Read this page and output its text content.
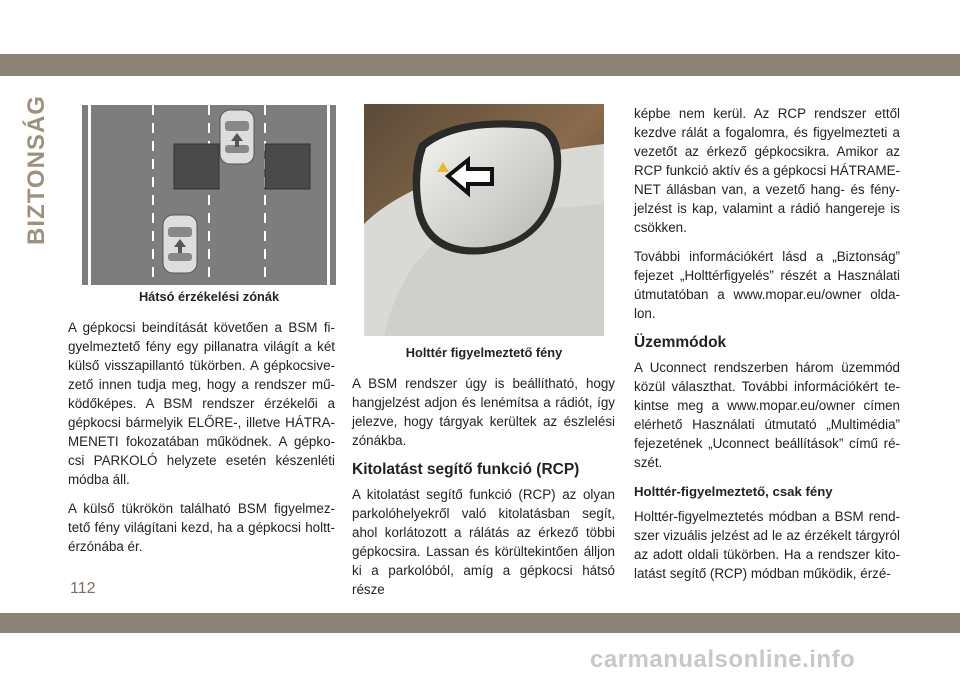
BIZTONSÁG
Hátsó érzékelési zónák
Holttér figyelmeztető fény

A gépkocsi beindítását követően a BSM fi-gyelmeztető fény egy pillanatra világít a két külső visszapillantó tükörben. A gépkocsive-zető innen tudja meg, hogy a rendszer mű-ködőképes. A BSM rendszer érzékelői a gépkocsi bármelyik ELŐRE-, illetve HÁTRA-MENETI fokozatában működnek. A gépko-csi PARKOLÓ helyzete esetén készenléti módba áll.

A külső tükrökön található BSM figyelmez-tető fény világítani kezd, ha a gépkocsi holtt-érzónába ér.

A BSM rendszer úgy is beállítható, hogy hangjelzést adjon és lenémítsa a rádiót, így jelezve, hogy tárgyak kerültek az észlelési zónákba.

Kitolatást segítő funkció (RCP)

A kitolatást segítő funkció (RCP) az olyan parkolóhelyekről való kitolatásban segít, ahol korlátozott a rálátás az érkező többi gépkocsira. Lassan és körültekintően álljon ki a parkolóból, amíg a gépkocsi hátsó része

képbe nem kerül. Az RCP rendszer ettől kezdve rálát a fogalomra, és figyelmezteti a vezetőt az érkező gépkocsikra. Amikor az RCP funkció aktív és a gépkocsi HÁTRAME-NET állásban van, a vezető hang- és fény-jelzést is kap, valamint a rádió hangereje is csökken.

További információkért lásd a „Biztonság” fejezet „Holttérfigyelés” részét a Használati útmutatóban a www.mopar.eu/owner olda-lon.

Üzemmódok

A Uconnect rendszerben három üzemmód közül választhat. További információkért te-kintse meg a www.mopar.eu/owner címen elérhető Használati útmutató „Multimédia” fejezetének „Uconnect beállítások” című ré-szét.

Holttér-figyelmeztető, csak fény

Holttér-figyelmeztetés módban a BSM rend-szer vizuális jelzést ad le az érzékelt tárgyról az adott oldali tükörben. Ha a rendszer kito-latást segítő (RCP) módban működik, érzé-

112
carmanualsonline.info
